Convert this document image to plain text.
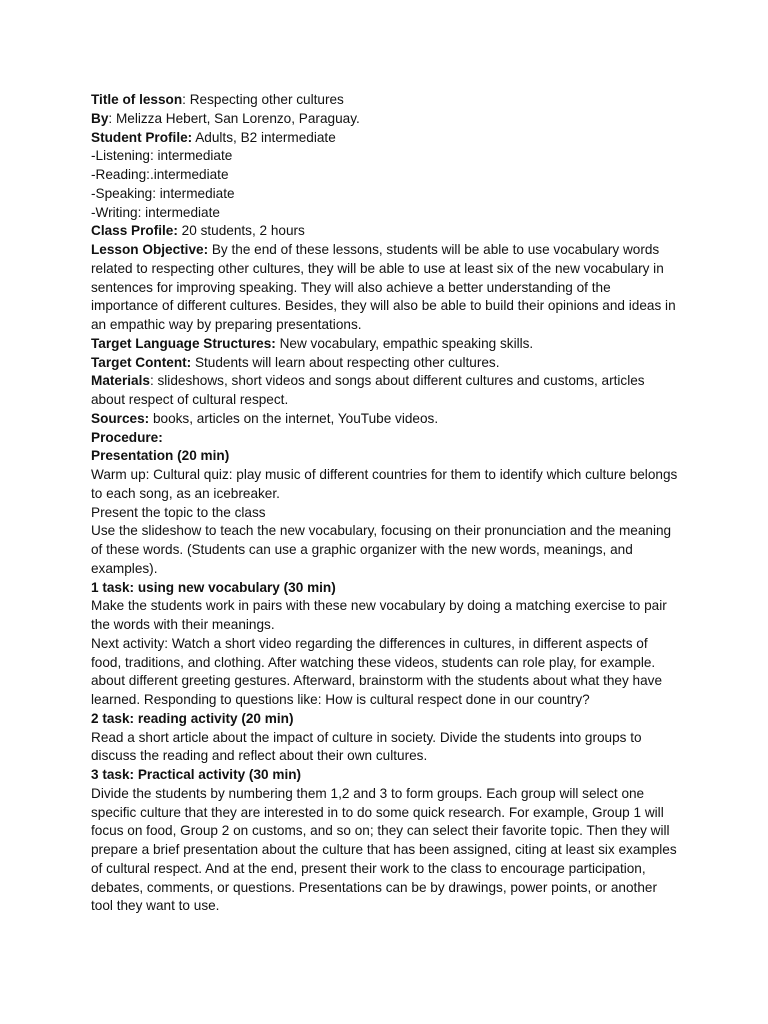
Title of lesson: Respecting other cultures

By: Melizza Hebert, San Lorenzo, Paraguay.

Student Profile: Adults, B2 intermediate

-Listening: intermediate

-Reading:.intermediate

-Speaking: intermediate

-Writing: intermediate

Class Profile: 20 students, 2 hours

Lesson Objective: By the end of these lessons, students will be able to use vocabulary words related to respecting other cultures, they will be able to use at least six of the new vocabulary in sentences for improving speaking. They will also achieve a better understanding of the importance of different cultures. Besides, they will also be able to build their opinions and ideas in an empathic way by preparing presentations.

Target Language Structures: New vocabulary, empathic speaking skills.

Target Content: Students will learn about respecting other cultures.

Materials: slideshows, short videos and songs about different cultures and customs, articles about respect of cultural respect.

Sources: books, articles on the internet, YouTube videos.

Procedure:

Presentation (20 min)

Warm up: Cultural quiz: play music of different countries for them to identify which culture belongs to each song, as an icebreaker.

Present the topic to the class

Use the slideshow to teach the new vocabulary, focusing on their pronunciation and the meaning of these words. (Students can use a graphic organizer with the new words, meanings, and examples).

1 task: using new vocabulary (30 min)

Make the students work in pairs with these new vocabulary by doing a matching exercise to pair the words with their meanings.

Next activity: Watch a short video regarding the differences in cultures, in different aspects of food, traditions, and clothing. After watching these videos, students can role play, for example. about different greeting gestures. Afterward, brainstorm with the students about what they have learned. Responding to questions like: How is cultural respect done in our country?

2 task: reading activity (20 min)

Read a short article about the impact of culture in society. Divide the students into groups to discuss the reading and reflect about their own cultures.

3 task: Practical activity (30 min)

Divide the students by numbering them 1,2 and 3 to form groups. Each group will select one specific culture that they are interested in to do some quick research. For example, Group 1 will focus on food, Group 2 on customs, and so on; they can select their favorite topic. Then they will prepare a brief presentation about the culture that has been assigned, citing at least six examples of cultural respect. And at the end, present their work to the class to encourage participation, debates, comments, or questions. Presentations can be by drawings, power points, or another tool they want to use.
